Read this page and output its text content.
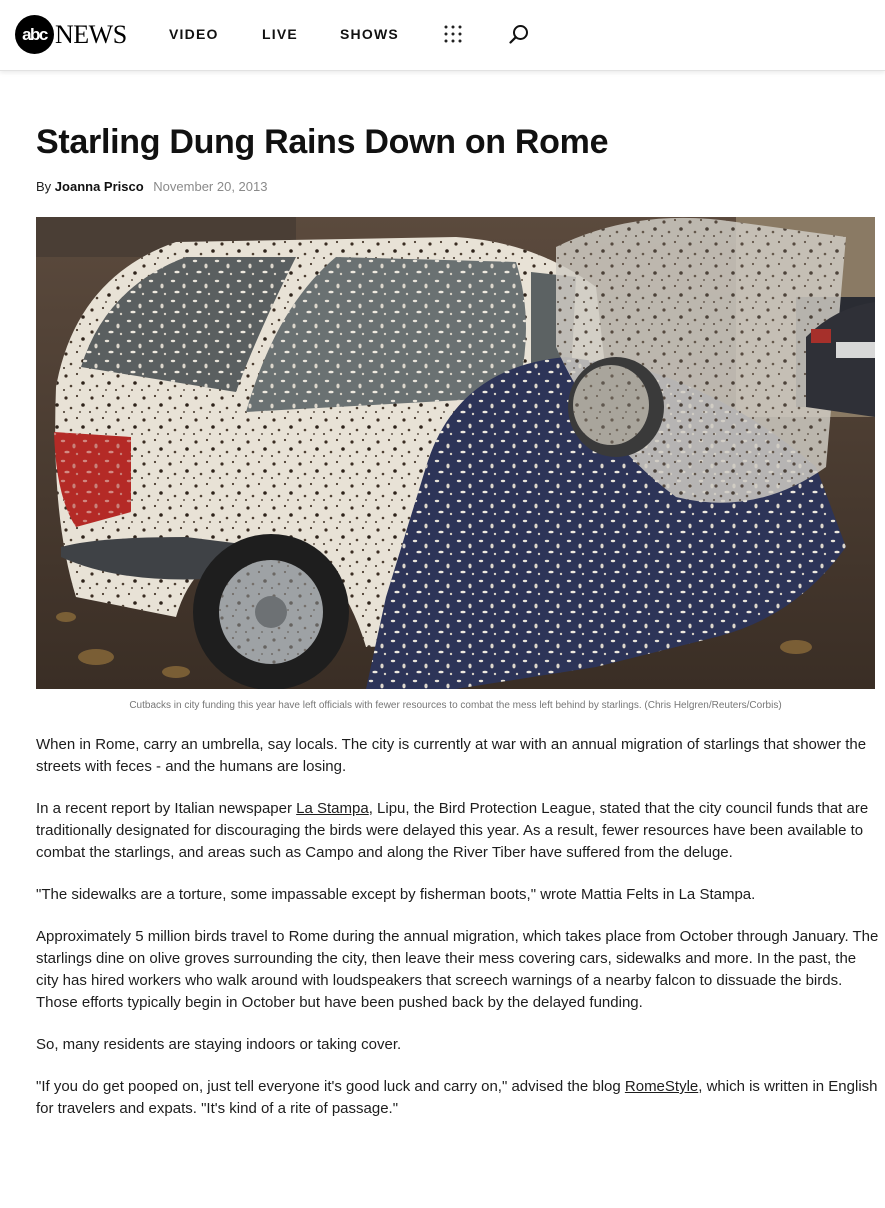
abc NEWS	VIDEO	LIVE	SHOWS
Starling Dung Rains Down on Rome
By Joanna Prisco November 20, 2013
Cutbacks in city funding this year have left officials with fewer resources to combat the mess left behind by starlings. (Chris Helgren/Reuters/Corbis)

When in Rome, carry an umbrella, say locals. The city is currently at war with an annual migration of starlings that shower the streets with feces - and the humans are losing.

In a recent report by Italian newspaper La Stampa, Lipu, the Bird Protection League, stated that the city council funds that are traditionally designated for discouraging the birds were delayed this year. As a result, fewer resources have been available to combat the starlings, and areas such as Campo and along the River Tiber have suffered from the deluge.

"The sidewalks are a torture, some impassable except by fisherman boots," wrote Mattia Felts in La Stampa.

Approximately 5 million birds travel to Rome during the annual migration, which takes place from October through January. The starlings dine on olive groves surrounding the city, then leave their mess covering cars, sidewalks and more. In the past, the city has hired workers who walk around with loudspeakers that screech warnings of a nearby falcon to dissuade the birds. Those efforts typically begin in October but have been pushed back by the delayed funding.

So, many residents are staying indoors or taking cover.

"If you do get pooped on, just tell everyone it's good luck and carry on," advised the blog RomeStyle, which is written in English for travelers and expats. "It's kind of a rite of passage."
